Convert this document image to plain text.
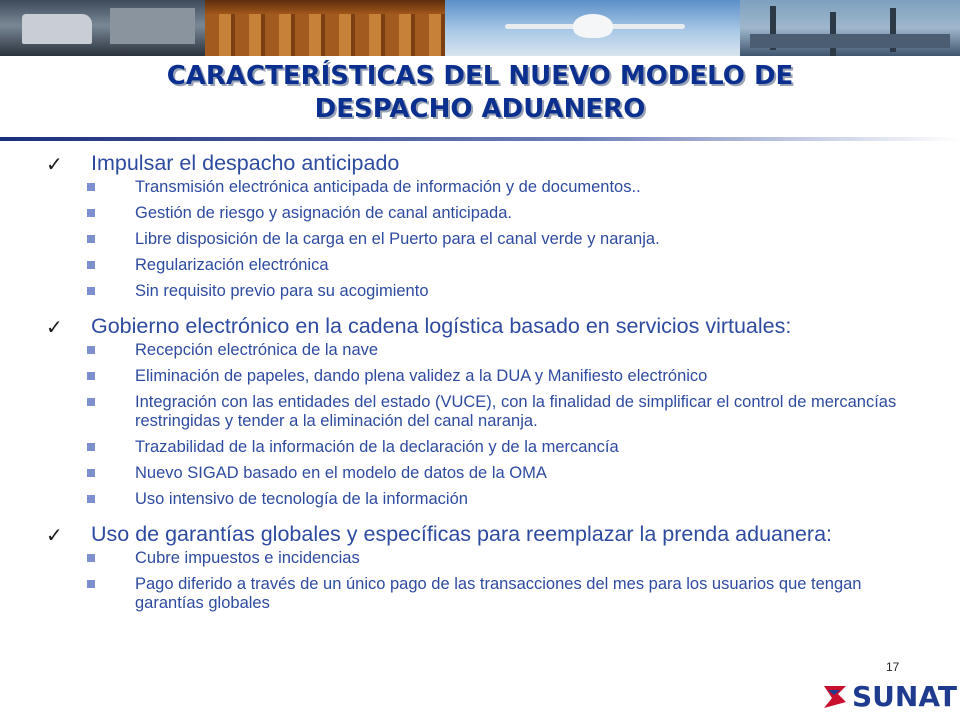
CARACTERÍSTICAS DEL NUEVO MODELO DE
DESPACHO ADUANERO
✓ Impulsar el despacho anticipado
Transmisión electrónica anticipada de información y de documentos..
Gestión de riesgo y asignación de canal anticipada.
Libre disposición de la carga en el Puerto para el canal verde y naranja.
Regularización electrónica
Sin requisito previo para su acogimiento
✓ Gobierno electrónico en la cadena logística basado en servicios virtuales:
Recepción electrónica de la nave
Eliminación de papeles, dando plena validez a la DUA y Manifiesto electrónico
Integración con las entidades del estado (VUCE), con la finalidad de simplificar el control de mercancías restringidas y tender a la eliminación del canal naranja.
Trazabilidad de la información de la declaración y de la mercancía
Nuevo SIGAD basado en el modelo de datos de la OMA
Uso intensivo de tecnología de la información
✓ Uso de garantías globales y específicas para reemplazar la prenda aduanera:
Cubre impuestos e incidencias
Pago diferido a través de un único pago de las transacciones del mes para los usuarios que tengan garantías globales
17
SUNAT
